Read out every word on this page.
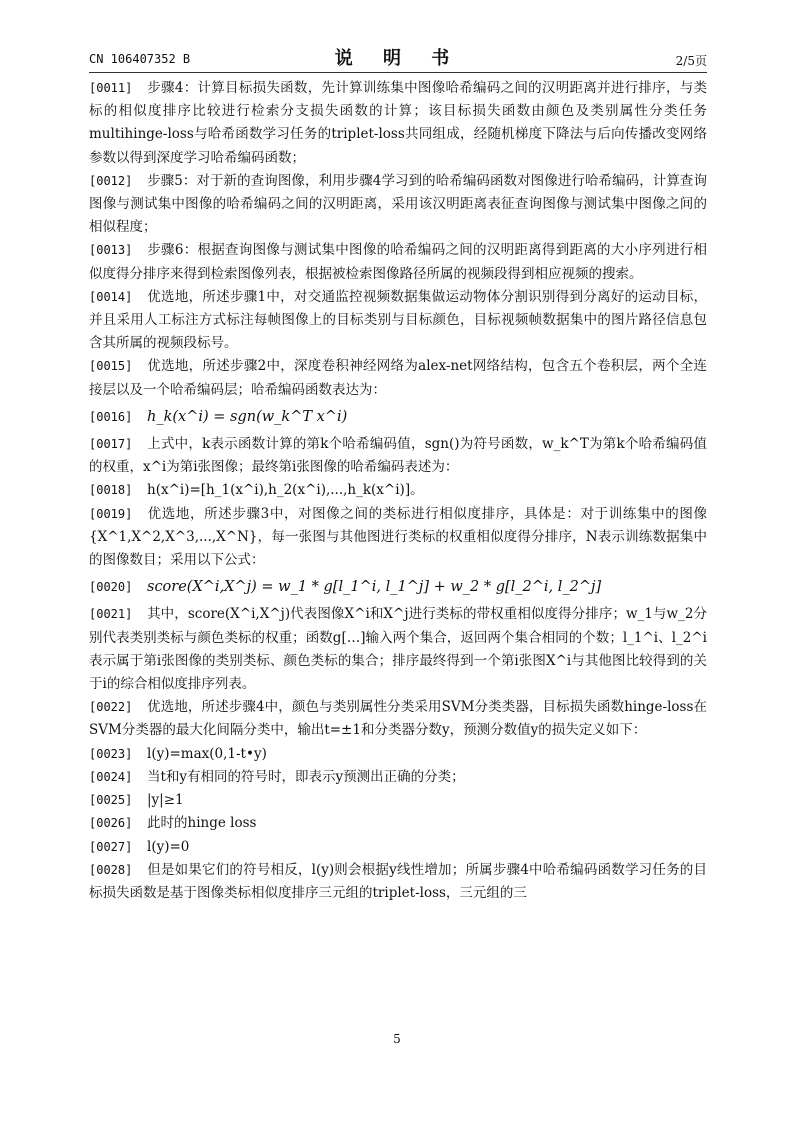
CN 106407352 B	说 明 书	2/5页

[0011] 步骤4：计算目标损失函数，先计算训练集中图像哈希编码之间的汉明距离并进行排序，与类标的相似度排序比较进行检索分支损失函数的计算；该目标损失函数由颜色及类别属性分类任务multihinge-loss与哈希函数学习任务的triplet-loss共同组成，经随机梯度下降法与后向传播改变网络参数以得到深度学习哈希编码函数；

[0012] 步骤5：对于新的查询图像，利用步骤4学习到的哈希编码函数对图像进行哈希编码，计算查询图像与测试集中图像的哈希编码之间的汉明距离，采用该汉明距离表征查询图像与测试集中图像之间的相似程度；

[0013] 步骤6：根据查询图像与测试集中图像的哈希编码之间的汉明距离得到距离的大小序列进行相似度得分排序来得到检索图像列表，根据被检索图像路径所属的视频段得到相应视频的搜索。

[0014] 优选地，所述步骤1中，对交通监控视频数据集做运动物体分割识别得到分离好的运动目标，并且采用人工标注方式标注每帧图像上的目标类别与目标颜色，目标视频帧数据集中的图片路径信息包含其所属的视频段标号。

[0015] 优选地，所述步骤2中，深度卷积神经网络为alex-net网络结构，包含五个卷积层，两个全连接层以及一个哈希编码层；哈希编码函数表达为：

[0016] h_k(x^i) = sgn(w_k^T x^i)

[0017] 上式中，k表示函数计算的第k个哈希编码值，sgn()为符号函数，w_k^T为第k个哈希编码值的权重，x^i为第i张图像；最终第i张图像的哈希编码表述为：

[0018] h(x^i)=[h_1(x^i),h_2(x^i),...,h_k(x^i)]。

[0019] 优选地，所述步骤3中，对图像之间的类标进行相似度排序，具体是：对于训练集中的图像{X^1,X^2,X^3,...,X^N}，每一张图与其他图进行类标的权重相似度得分排序，N表示训练数据集中的图像数目；采用以下公式：

[0020] score(X^i,X^j) = w_1 * g[l_1^i, l_1^j] + w_2 * g[l_2^i, l_2^j]

[0021] 其中，score(X^i,X^j)代表图像X^i和X^j进行类标的带权重相似度得分排序；w_1与w_2分别代表类别类标与颜色类标的权重；函数g[…]输入两个集合，返回两个集合相同的个数；l_1^i、l_2^i表示属于第i张图像的类别类标、颜色类标的集合；排序最终得到一个第i张图X^i与其他图比较得到的关于i的综合相似度排序列表。

[0022] 优选地，所述步骤4中，颜色与类别属性分类采用SVM分类类器，目标损失函数hinge-loss在SVM分类器的最大化间隔分类中，输出t=±1和分类器分数y，预测分数值y的损失定义如下：

[0023] l(y)=max(0,1-t•y)

[0024] 当t和y有相同的符号时，即表示y预测出正确的分类；

[0025] |y|≥1

[0026] 此时的hinge loss

[0027] l(y)=0

[0028] 但是如果它们的符号相反，l(y)则会根据y线性增加；所属步骤4中哈希编码函数学习任务的目标损失函数是基于图像类标相似度排序三元组的triplet-loss，三元组的三

5
